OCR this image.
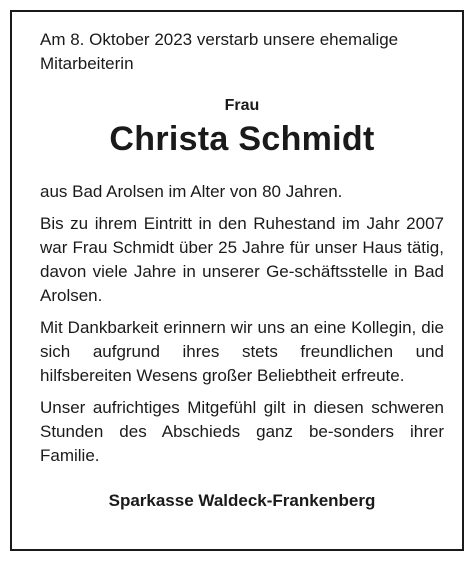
Am 8. Oktober 2023 verstarb unsere ehemalige Mitarbeiterin

Frau

Christa Schmidt

aus Bad Arolsen im Alter von 80 Jahren.

Bis zu ihrem Eintritt in den Ruhestand im Jahr 2007 war Frau Schmidt über 25 Jahre für unser Haus tätig, davon viele Jahre in unserer Ge-schäftsstelle in Bad Arolsen.

Mit Dankbarkeit erinnern wir uns an eine Kollegin, die sich aufgrund ihres stets freundlichen und hilfsbereiten Wesens großer Beliebtheit erfreute.

Unser aufrichtiges Mitgefühl gilt in diesen schweren Stunden des Abschieds ganz be-sonders ihrer Familie.

Sparkasse Waldeck-Frankenberg
